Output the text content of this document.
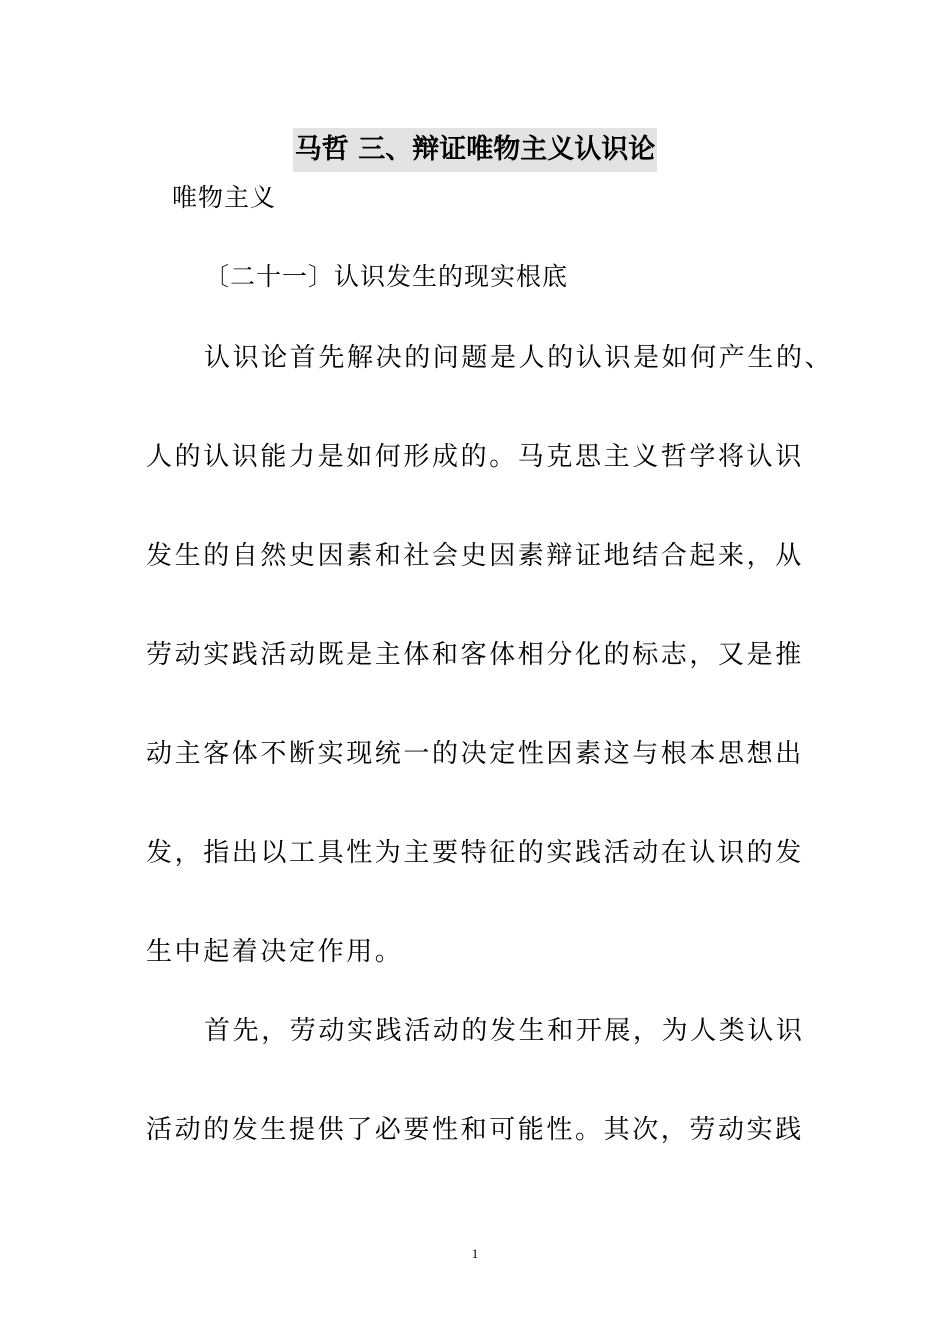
马哲 三、辩证唯物主义认识论
唯物主义
〔二十一〕认识发生的现实根底
认识论首先解决的问题是人的认识是如何产生的、
人的认识能力是如何形成的。马克思主义哲学将认识
发生的自然史因素和社会史因素辩证地结合起来，从
劳动实践活动既是主体和客体相分化的标志，又是推
动主客体不断实现统一的决定性因素这与根本思想出
发，指出以工具性为主要特征的实践活动在认识的发
生中起着决定作用。
首先，劳动实践活动的发生和开展，为人类认识
活动的发生提供了必要性和可能性。其次，劳动实践
1
